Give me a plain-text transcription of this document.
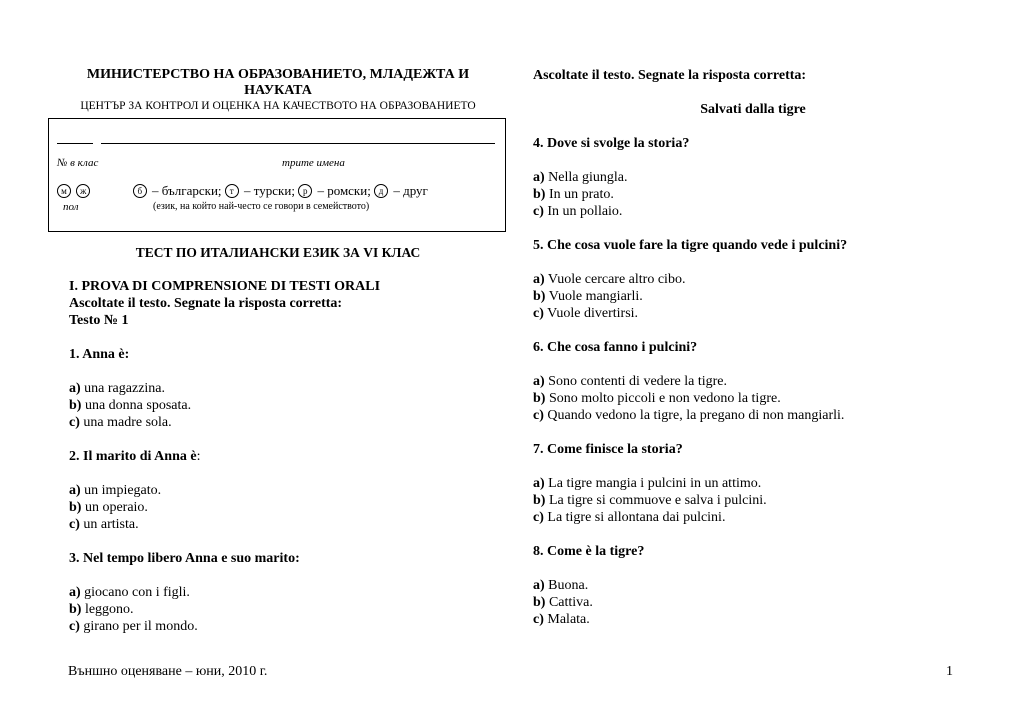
МИНИСТЕРСТВО НА ОБРАЗОВАНИЕТО, МЛАДЕЖТА И НАУКАТА
ЦЕНТЪР ЗА КОНТРОЛ И ОЦЕНКА НА КАЧЕСТВОТО НА ОБРАЗОВАНИЕТО
№ в клас	трите имена
м ж	б – български; т – турски; р – ромски; д – друг
пол	(език, на който най-често се говори в семейството)
ТЕСТ ПО ИТАЛИАНСКИ ЕЗИК ЗА VI КЛАС
I. PROVA DI COMPRENSIONE DI TESTI ORALI
Ascoltate il testo. Segnate la risposta corretta:
Testo № 1
1. Anna è:
a) una ragazzina.
b) una donna sposata.
c) una madre sola.
2. Il marito di Anna è:
a) un impiegato.
b) un operaio.
c) un artista.
3. Nel tempo libero Anna e suo marito:
a) giocano con i figli.
b) leggono.
c) girano per il mondo.
Ascoltate il testo. Segnate la risposta corretta:
Salvati dalla tigre
4. Dove si svolge la storia?
a) Nella giungla.
b) In un prato.
c) In un pollaio.
5. Che cosa vuole fare la tigre quando vede i pulcini?
a) Vuole cercare altro cibo.
b) Vuole mangiarli.
c) Vuole divertirsi.
6. Che cosa fanno i pulcini?
a) Sono contenti di vedere la tigre.
b) Sono molto piccoli e non vedono la tigre.
c) Quando vedono la tigre, la pregano di non mangiarli.
7. Come finisce la storia?
a) La tigre mangia i pulcini in un attimo.
b) La tigre si commuove e salva i pulcini.
c) La tigre si allontana dai pulcini.
8. Come è la tigre?
a) Buona.
b) Cattiva.
c) Malata.
Външно оценяване – юни, 2010 г.	1
